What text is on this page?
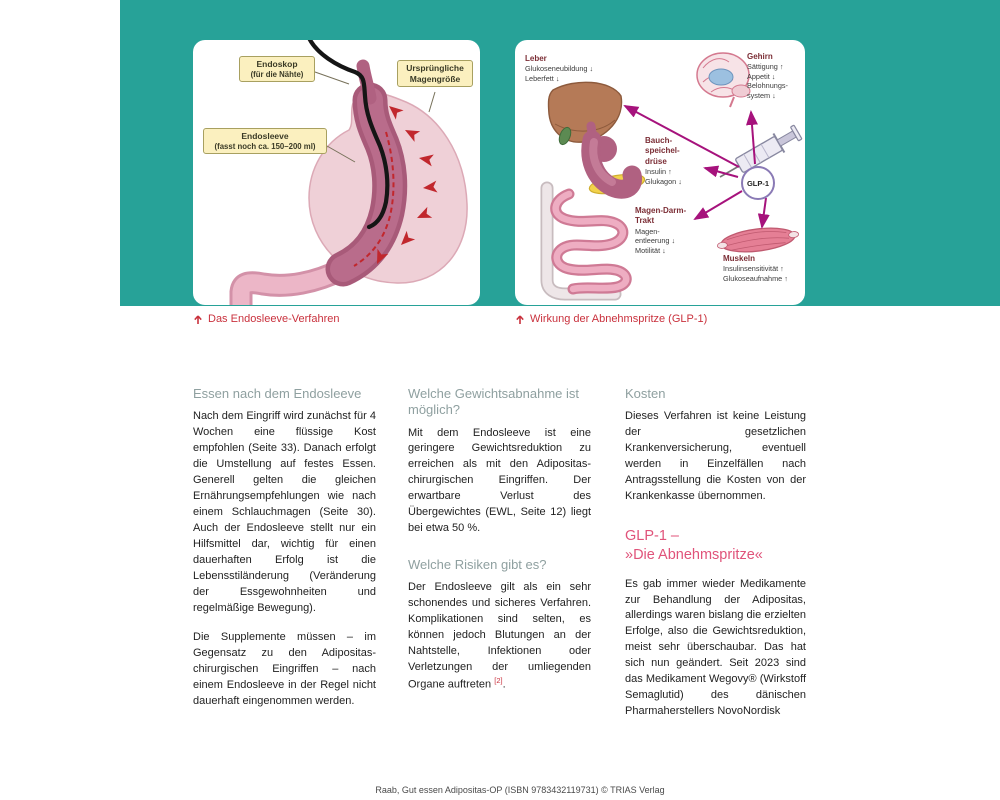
Endoskop
(für die Nähte)
Ursprüngliche
Magengröße
Endosleeve
(fasst noch ca. 150–200 ml)
GLP-1
Leber
Glukoseneubildung ↓
Leberfett ↓
Gehirn
Sättigung ↑
Appetit ↓
Belohnungs-
system ↓
Bauch-
speichel-
drüse
Insulin ↑
Glukagon ↓
Magen-Darm-
Trakt
Magen-
entleerung ↓
Motilität ↓
Muskeln
Insulinsensitivität ↑
Glukoseaufnahme ↑
Das Endosleeve-Verfahren	Wirkung der Abnehmspritze (GLP-1)
Essen nach dem Endosleeve

Nach dem Eingriff wird zunächst für 4 Wochen eine flüssige Kost empfohlen (Seite 33). Danach erfolgt die Umstellung auf festes Essen. Generell gelten die gleichen Ernährungsempfehlungen wie nach einem Schlauchmagen (Seite 30). Auch der Endosleeve stellt nur ein Hilfsmittel dar, wichtig für einen dauerhaften Erfolg ist die Lebensstiländerung (Veränderung der Essgewohnheiten und regelmäßige Bewegung).

Die Supplemente müssen – im Gegensatz zu den Adipositas-chirurgischen Eingriffen – nach einem Endosleeve in der Regel nicht dauerhaft eingenommen werden.

Welche Gewichtsabnahme ist möglich?

Mit dem Endosleeve ist eine geringere Gewichtsreduktion zu erreichen als mit den Adipositas-chirurgischen Eingriffen. Der erwartbare Verlust des Übergewichtes (EWL, Seite 12) liegt bei etwa 50 %.

Welche Risiken gibt es?

Der Endosleeve gilt als ein sehr schonendes und sicheres Verfahren. Komplikationen sind selten, es können jedoch Blutungen an der Nahtstelle, Infektionen oder Verletzungen der umliegenden Organe auftreten [2].

Kosten

Dieses Verfahren ist keine Leistung der gesetzlichen Krankenversicherung, eventuell werden in Einzelfällen nach Antragsstellung die Kosten von der Krankenkasse übernommen.

GLP-1 –
»Die Abnehmspritze«

Es gab immer wieder Medikamente zur Behandlung der Adipositas, allerdings waren bislang die erzielten Erfolge, also die Gewichtsreduktion, meist sehr überschaubar. Das hat sich nun geändert. Seit 2023 sind das Medikament Wegovy® (Wirkstoff Semaglutid) des dänischen Pharmaherstellers NovoNordisk

Raab, Gut essen Adipositas-OP (ISBN 9783432119731) © TRIAS Verlag
